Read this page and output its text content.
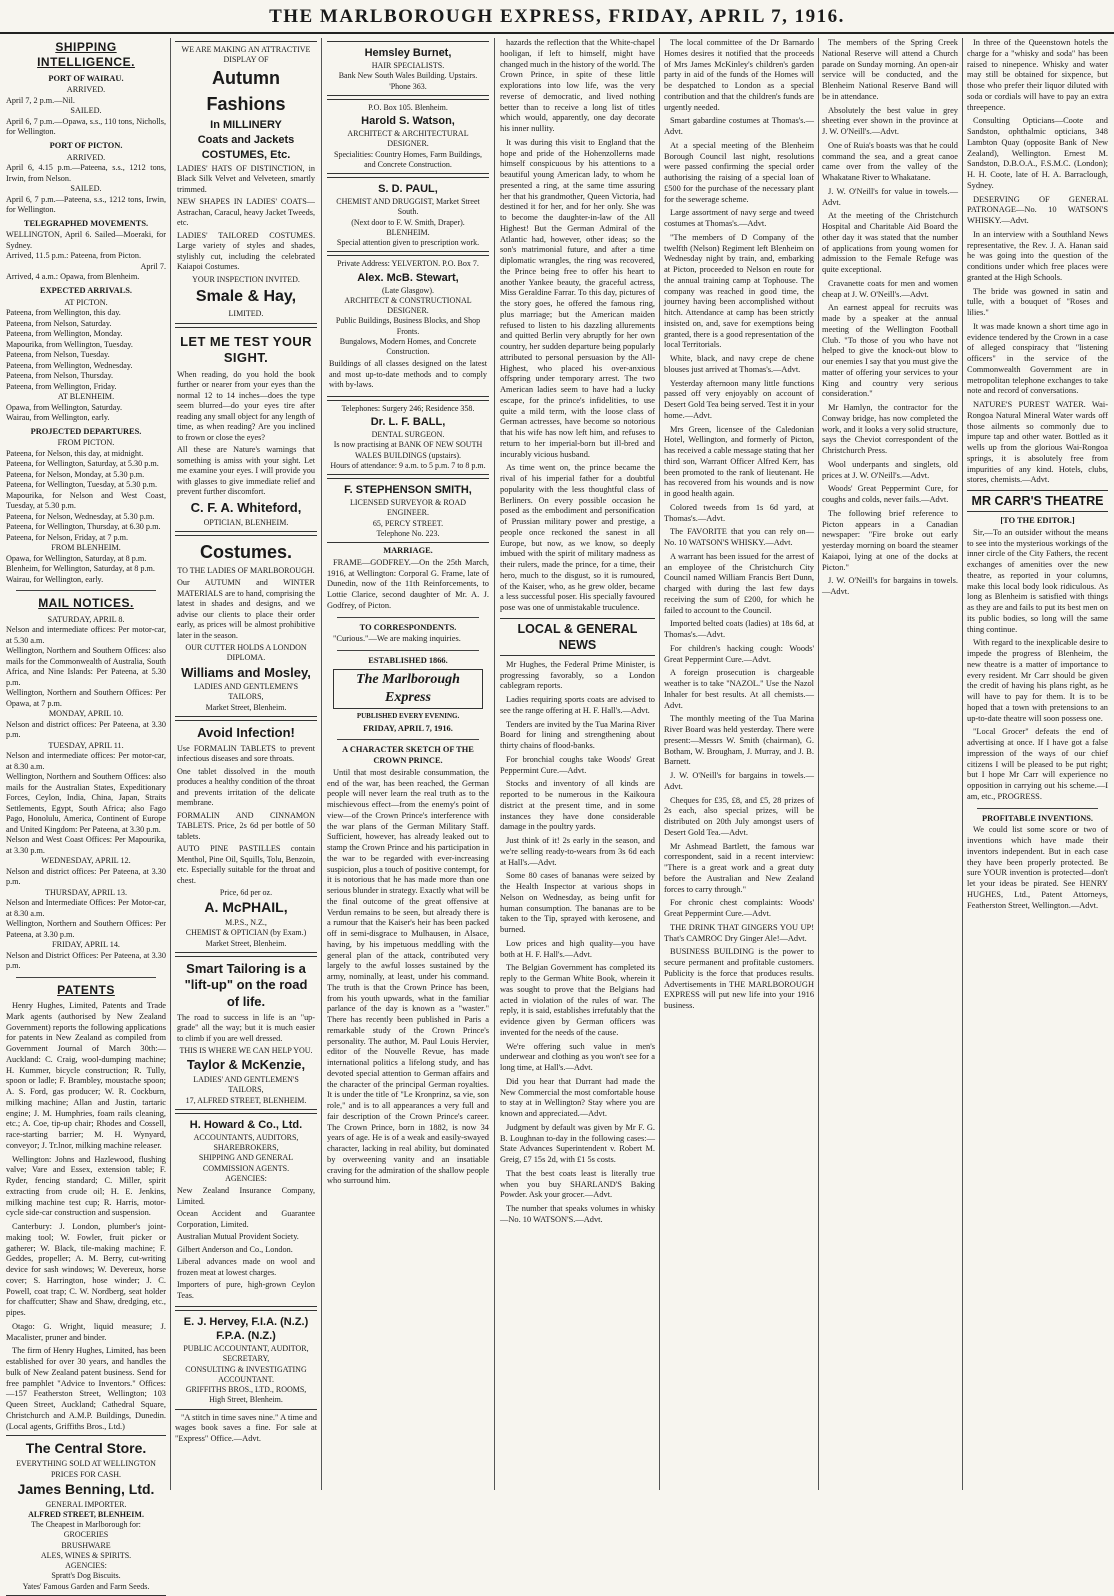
THE MARLBOROUGH EXPRESS, FRIDAY, APRIL 7, 1916.
SHIPPING INTELLIGENCE.
PORT OF WAIRAU.

ARRIVED.

April 7, 2 p.m.—Nil.

SAILED.

April 6, 7 p.m.—Opawa, s.s., 110 tons, Nicholls, for Wellington.

PORT OF PICTON.

ARRIVED.

April 6, 4.15 p.m.—Pateena, s.s., 1212 tons, Irwin, from Nelson.

SAILED.

April 6, 7 p.m.—Pateena, s.s., 1212 tons, Irwin, for Wellington.

TELEGRAPHED MOVEMENTS.

WELLINGTON, April 6. Sailed—Moeraki, for Sydney.

Arrived, 11.5 p.m.: Pateena, from Picton.

April 7.

Arrived, 4 a.m.: Opawa, from Blenheim.

EXPECTED ARRIVALS.

AT PICTON.

Pateena, from Wellington, this day.

Pateena, from Nelson, Saturday.

Pateena, from Wellington, Monday.

Mapourika, from Wellington, Tuesday.

Pateena, from Nelson, Tuesday.

Pateena, from Wellington, Wednesday.

Pateena, from Nelson, Thursday.

Pateena, from Wellington, Friday.

AT BLENHEIM.

Opawa, from Wellington, Saturday.

Wairau, from Wellington, early.

PROJECTED DEPARTURES.

FROM PICTON.

Pateena, for Nelson, this day, at midnight.

Pateena, for Wellington, Saturday, at 5.30 p.m.

Pateena, for Nelson, Monday, at 5.30 p.m.

Pateena, for Wellington, Tuesday, at 5.30 p.m.

Mapourika, for Nelson and West Coast, Tuesday, at 5.30 p.m.

Pateena, for Nelson, Wednesday, at 5.30 p.m.

Pateena, for Wellington, Thursday, at 6.30 p.m.

Pateena, for Nelson, Friday, at 7 p.m.

FROM BLENHEIM.

Opawa, for Wellington, Saturday, at 8 p.m.

Blenheim, for Wellington, Saturday, at 8 p.m.

Wairau, for Wellington, early.

MAIL NOTICES.

SATURDAY, APRIL 8.

Nelson and intermediate offices: Per motor-car, at 5.30 a.m.

Wellington, Northern and Southern Offices: also mails for the Commonwealth of Australia, South Africa, and Nine Islands: Per Pateena, at 5.30 p.m.

Wellington, Northern and Southern Offices: Per Opawa, at 7 p.m.

MONDAY, APRIL 10.

Nelson and district offices: Per Pateena, at 3.30 p.m.

TUESDAY, APRIL 11.

Nelson and intermediate offices: Per motor-car, at 8.30 a.m.

Wellington, Northern and Southern Offices: also mails for the Australian States, Expeditionary Forces, Ceylon, India, China, Japan, Straits Settlements, Egypt, South Africa; also Fago Pago, Honolulu, America, Continent of Europe and United Kingdom: Per Pateena, at 3.30 p.m.

Nelson and West Coast Offices: Per Mapourika, at 3.30 p.m.

WEDNESDAY, APRIL 12.

Nelson and district offices: Per Pateena, at 3.30 p.m.

THURSDAY, APRIL 13.

Nelson and Intermediate Offices: Per Motor-car, at 8.30 a.m.

Wellington, Northern and Southern Offices: Per Pateena, at 3.30 p.m.

FRIDAY, APRIL 14.

Nelson and District Offices: Per Pateena, at 3.30 p.m.

PATENTS

Henry Hughes, Limited, Patents and Trade Mark agents (authorised by New Zealand Government) reports the following applications for patents in New Zealand as compiled from Government Journal of March 30th:— Auckland: C. Craig, wool-dumping machine; H. Kummer, bicycle construction; R. Tully, spoon or ladle; F. Brambley, moustache spoon; A. S. Ford, gas producer; W. R. Cockburn, milking machine; Allan and Justin, tartaric engine; J. M. Humphries, foam rails cleaning, etc.; A. Coe, tip-up chair; Rhodes and Cossell, race-starting barrier; M. H. Wynyard, conveyor; J. Tr.lnor, milking machine releaser.

Wellington: Johns and Hazlewood, flushing valve; Vare and Essex, extension table; F. Ryder, fencing standard; C. Miller, spirit extracting from crude oil; H. E. Jenkins, milking machine test cup; R. Harris, motor-cycle side-car construction and suspension.

Canterbury: J. London, plumber's joint-making tool; W. Fowler, fruit picker or gatherer; W. Black, tile-making machine; F. Geddes, propeller; A. M. Berry, cut-writing device for sash windows; W. Devereux, horse cover; S. Harrington, hose winder; J. C. Powell, coat trap; C. W. Nordberg, seat holder for chaffcutter; Shaw and Shaw, dredging, etc., pipes.

Otago: G. Wright, liquid measure; J. Macalister, pruner and binder.

The firm of Henry Hughes, Limited, has been established for over 30 years, and handles the bulk of New Zealand patent business. Send for free pamphlet "Advice to Inventors." Offices:—157 Featherston Street, Wellington; 103 Queen Street, Auckland; Cathedral Square, Christchurch and A.M.P. Buildings, Dunedin. (Local agents, Griffiths Bros., Ltd.)

The Central Store.
EVERYTHING SOLD AT WELLINGTON PRICES FOR CASH.
James Benning, Ltd.
GENERAL IMPORTER.
ALFRED STREET, BLENHEIM.
The Cheapest in Marlborough for:
GROCERIES
BRUSHWARE
ALES, WINES & SPIRITS.
AGENCIES:
Spratt's Dog Biscuits.
Yates' Famous Garden and Farm Seeds.
WE ARE MAKING AN ATTRACTIVE DISPLAY OF
Autumn
Fashions
In MILLINERY
Coats and Jackets
COSTUMES, Etc.
LADIES' HATS OF DISTINCTION, in Black Silk Velvet and Velveteen, smartly trimmed.
NEW SHAPES IN LADIES' COATS—Astrachan, Caracul, heavy Jacket Tweeds, etc.
LADIES' TAILORED COSTUMES. Large variety of styles and shades, stylishly cut, including the celebrated Kaiapoi Costumes.
YOUR INSPECTION INVITED.
Smale & Hay,
LIMITED.
LET ME TEST YOUR SIGHT.
When reading, do you hold the book further or nearer from your eyes than the normal 12 to 14 inches—does the type seem blurred—do your eyes tire after reading any small object for any length of time, as when reading? Are you inclined to frown or close the eyes?
All these are Nature's warnings that something is amiss with your sight. Let me examine your eyes. I will provide you with glasses to give immediate relief and prevent further discomfort.
C. F. A. Whiteford,
OPTICIAN, BLENHEIM.
Costumes.
TO THE LADIES OF MARLBOROUGH.
Our AUTUMN and WINTER MATERIALS are to hand, comprising the latest in shades and designs, and we advise our clients to place their order early, as prices will be almost prohibitive later in the season.
OUR CUTTER HOLDS A LONDON DIPLOMA.
Williams and Mosley,
LADIES AND GENTLEMEN'S TAILORS,
Market Street, Blenheim.
Avoid Infection!
Use FORMALIN TABLETS to prevent infectious diseases and sore throats.
One tablet dissolved in the mouth produces a healthy condition of the throat and prevents irritation of the delicate membrane.
FORMALIN AND CINNAMON TABLETS. Price, 2s 6d per bottle of 50 tablets.
AUTO PINE PASTILLES contain Menthol, Pine Oil, Squills, Tolu, Benzoin, etc. Especially suitable for the throat and chest.
Price, 6d per oz.
A. McPHAIL,
M.P.S., N.Z.,
CHEMIST & OPTICIAN (by Exam.)
Market Street, Blenheim.
Smart Tailoring is a "lift-up" on the road of life.
The road to success in life is an "up-grade" all the way; but it is much easier to climb if you are well dressed.
THIS IS WHERE WE CAN HELP YOU.
Taylor & McKenzie,
LADIES' AND GENTLEMEN'S TAILORS,
17, ALFRED STREET, BLENHEIM.
H. Howard & Co., Ltd.
ACCOUNTANTS, AUDITORS, SHAREBROKERS,
SHIPPING AND GENERAL COMMISSION AGENTS.
AGENCIES:
New Zealand Insurance Company, Limited.
Ocean Accident and Guarantee Corporation, Limited.
Australian Mutual Provident Society.
Gilbert Anderson and Co., London.
Liberal advances made on wool and frozen meat at lowest charges.
Importers of pure, high-grown Ceylon Teas.
E. J. Hervey, F.I.A. (N.Z.) F.P.A. (N.Z.)
PUBLIC ACCOUNTANT, AUDITOR, SECRETARY,
CONSULTING & INVESTIGATING ACCOUNTANT.
GRIFFITHS BROS., LTD., ROOMS, High Street, Blenheim.

"A stitch in time saves nine." A time and wages book saves a fine. For sale at "Express" Office.—Advt.

Hemsley Burnet,
HAIR SPECIALISTS.
Bank New South Wales Building. Upstairs.
'Phone 363.
P.O. Box 105. Blenheim.
Harold S. Watson,
ARCHITECT & ARCHITECTURAL DESIGNER.
Specialities: Country Homes, Farm Buildings, and Concrete Construction.
S. D. PAUL,
CHEMIST AND DRUGGIST, Market Street South.
(Next door to F. W. Smith, Draper). BLENHEIM.
Special attention given to prescription work.
Private Address: YELVERTON. P.O. Box 7.
Alex. McB. Stewart,
(Late Glasgow).
ARCHITECT & CONSTRUCTIONAL DESIGNER.
Public Buildings, Business Blocks, and Shop Fronts.
Bungalows, Modern Homes, and Concrete Construction.
Buildings of all classes designed on the latest and most up-to-date methods and to comply with by-laws.
Telephones: Surgery 246; Residence 358.
Dr. L. F. BALL,
DENTAL SURGEON.
Is now practising at BANK OF NEW SOUTH WALES BUILDINGS (upstairs).
Hours of attendance: 9 a.m. to 5 p.m. 7 to 8 p.m.
F. STEPHENSON SMITH,
LICENSED SURVEYOR & ROAD ENGINEER.
65, PERCY STREET.
Telephone No. 223.
MARRIAGE.

FRAME—GODFREY.—On the 25th March, 1916, at Wellington: Corporal G. Frame, late of Dunedin, now of the 11th Reinforcements, to Lottie Clarice, second daughter of Mr. A. J. Godfrey, of Picton.

TO CORRESPONDENTS.

"Curious."—We are making inquiries.

ESTABLISHED 1866.
The Marlborough Express
PUBLISHED EVERY EVENING.
FRIDAY, APRIL 7, 1916.
A CHARACTER SKETCH OF THE CROWN PRINCE.

Until that most desirable consummation, the end of the war, has been reached, the German people will never learn the real truth as to the mischievous effect—from the enemy's point of view—of the Crown Prince's interference with the war plans of the German Military Staff. Sufficient, however, has already leaked out to stamp the Crown Prince and his participation in the war to be regarded with ever-increasing suspicion, plus a touch of positive contempt, for it is notorious that he has made more than one serious blunder in strategy. Exactly what will be the final outcome of the great offensive at Verdun remains to be seen, but already there is a rumour that the Kaiser's heir has been packed off in semi-disgrace to Mulhausen, in Alsace, having, by his impetuous meddling with the general plan of the attack, contributed very largely to the awful losses sustained by the army, nominally, at least, under his command. The truth is that the Crown Prince has been, from his youth upwards, what in the familiar parlance of the day is known as a "waster." There has recently been published in Paris a remarkable study of the Crown Prince's personality. The author, M. Paul Louis Hervier, editor of the Nouvelle Revue, has made international politics a lifelong study, and has devoted special attention to German affairs and the character of the principal German royalties. It is under the title of "Le Kronprinz, sa vie, son role," and is to all appearances a very full and fair description of the Crown Prince's career. The Crown Prince, born in 1882, is now 34 years of age. He is of a weak and easily-swayed character, lacking in real ability, but dominated by overweening vanity and an insatiable craving for the admiration of the shallow people who surround him.

hazards the reflection that the White-chapel hooligan, if left to himself, might have changed much in the history of the world. The Crown Prince, in spite of these little explorations into low life, was the very reverse of democratic, and lived nothing better than to receive a long list of titles which would, apparently, one day decorate his inner nullity.

It was during this visit to England that the hope and pride of the Hohenzollerns made himself conspicuous by his attentions to a beautiful young American lady, to whom he presented a ring, at the same time assuring her that his grandmother, Queen Victoria, had destined it for her, and for her only. She was to become the daughter-in-law of the All Highest! But the German Admiral of the Atlantic had, however, other ideas; so the son's matrimonial future, and after a time diplomatic wrangles, the ring was recovered, the Prince being free to offer his heart to another Yankee beauty, the graceful actress, Miss Geraldine Farrar. To this day, pictures of the story goes, he offered the famous ring, plus marriage; but the American maiden refused to listen to his dazzling allurements and quitted Berlin very abruptly for her own country, her sudden departure being popularly attributed to personal persuasion by the All-Highest, who placed his over-anxious offspring under temporary arrest. The two American ladies seem to have had a lucky escape, for the prince's infidelities, to use quite a mild term, with the loose class of German actresses, have become so notorious that his wife has now left him, and refuses to return to her imperial-born but ill-bred and incurably vicious husband.

As time went on, the prince became the rival of his imperial father for a doubtful popularity with the less thoughtful class of Berliners. On every possible occasion he posed as the embodiment and personification of Prussian military power and prestige, a people once reckoned the sanest in all Europe, but now, as we know, so deeply imbued with the spirit of military madness as their rulers, made the prince, for a time, their hero, much to the disgust, so it is rumoured, of the Kaiser, who, as he grew older, became a less successful poser. His specially favoured pose was one of unmistakable truculence.

LOCAL & GENERAL NEWS

Mr Hughes, the Federal Prime Minister, is progressing favorably, so a London cablegram reports.

Ladies requiring sports coats are advised to see the range offering at H. F. Hall's.—Advt.

Tenders are invited by the Tua Marina River Board for lining and strengthening about thirty chains of flood-banks.

For bronchial coughs take Woods' Great Peppermint Cure.—Advt.

Stocks and inventory of all kinds are reported to be numerous in the Kaikoura district at the present time, and in some instances they have done considerable damage in the poultry yards.

Just think of it! 2s early in the season, and we're selling ready-to-wears from 3s 6d each at Hall's.—Advt.

Some 80 cases of bananas were seized by the Health Inspector at various shops in Nelson on Wednesday, as being unfit for human consumption. The bananas are to be taken to the Tip, sprayed with kerosene, and burned.

Low prices and high quality—you have both at H. F. Hall's.—Advt.

The Belgian Government has completed its reply to the German White Book, wherein it was sought to prove that the Belgians had acted in violation of the rules of war. The reply, it is said, establishes irrefutably that the evidence given by German officers was invented for the needs of the cause.

We're offering such value in men's underwear and clothing as you won't see for a long time, at Hall's.—Advt.

Did you hear that Durrant had made the New Commercial the most comfortable house to stay at in Wellington? Stay where you are known and appreciated.—Advt.

Judgment by default was given by Mr F. G. B. Loughnan to-day in the following cases:—State Advances Superintendent v. Robert M. Greig, £7 15s 2d, with £1 5s costs.

That the best coats least is literally true when you buy SHARLAND'S Baking Powder. Ask your grocer.—Advt.

The number that speaks volumes in whisky—No. 10 WATSON'S.—Advt.

The local committee of the Dr Barnardo Homes desires it notified that the proceeds of Mrs James McKinley's children's garden party in aid of the funds of the Homes will be despatched to London as a special contribution and that the children's funds are urgently needed.

Smart gabardine costumes at Thomas's.—Advt.

At a special meeting of the Blenheim Borough Council last night, resolutions were passed confirming the special order authorising the raising of a special loan of £500 for the purchase of the necessary plant for the sewerage scheme.

Large assortment of navy serge and tweed costumes at Thomas's.—Advt.

"The members of D Company of the twelfth (Nelson) Regiment left Blenheim on Wednesday night by train, and, embarking at Picton, proceeded to Nelson en route for the annual training camp at Tophouse. The company was reached in good time, the journey having been accomplished without hitch. Attendance at camp has been strictly insisted on, and, save for exemptions being granted, there is a good representation of the local Territorials.

White, black, and navy crepe de chene blouses just arrived at Thomas's.—Advt.

Yesterday afternoon many little functions passed off very enjoyably on account of Desert Gold Tea being served. Test it in your home.—Advt.

Mrs Green, licensee of the Caledonian Hotel, Wellington, and formerly of Picton, has received a cable message stating that her third son, Warrant Officer Alfred Kerr, has been promoted to the rank of lieutenant. He has recovered from his wounds and is now in good health again.

Colored tweeds from 1s 6d yard, at Thomas's.—Advt.

The FAVORITE that you can rely on—No. 10 WATSON'S WHISKY.—Advt.

A warrant has been issued for the arrest of an employee of the Christchurch City Council named William Francis Bert Dunn, charged with during the last few days receiving the sum of £200, for which he failed to account to the Council.

Imported belted coats (ladies) at 18s 6d, at Thomas's.—Advt.

For children's hacking cough: Woods' Great Peppermint Cure.—Advt.

A foreign prosecution is chargeable weather is to take "NAZOL." Use the Nazol Inhaler for best results. At all chemists.—Advt.

The monthly meeting of the Tua Marina River Board was held yesterday. There were present:—Messrs W. Smith (chairman), G. Botham, W. Brougham, J. Murray, and J. B. Barnett.

J. W. O'Neill's for bargains in towels.—Advt.

Cheques for £35, £8, and £5, 28 prizes of 2s each, also special prizes, will be distributed on 20th July amongst users of Desert Gold Tea.—Advt.

Mr Ashmead Bartlett, the famous war correspondent, said in a recent interview: "There is a great work and a great duty before the Australian and New Zealand forces to carry through."

For chronic chest complaints: Woods' Great Peppermint Cure.—Advt.

THE DRINK THAT GINGERS YOU UP! That's CAMROC Dry Ginger Ale!—Advt.

BUSINESS BUILDING is the power to secure permanent and profitable customers. Publicity is the force that produces results. Advertisements in THE MARLBOROUGH EXPRESS will put new life into your 1916 business.

The members of the Spring Creek National Reserve will attend a Church parade on Sunday morning. An open-air service will be conducted, and the Blenheim National Reserve Band will be in attendance.

Absolutely the best value in grey sheeting ever shown in the province at J. W. O'Neill's.—Advt.

One of Ruia's boasts was that he could command the sea, and a great canoe came over from the valley of the Whakatane River to Whakatane.

J. W. O'Neill's for value in towels.—Advt.

At the meeting of the Christchurch Hospital and Charitable Aid Board the other day it was stated that the number of applications from young women for admission to the Female Refuge was quite exceptional.

Cravanette coats for men and women cheap at J. W. O'Neill's.—Advt.

An earnest appeal for recruits was made by a speaker at the annual meeting of the Wellington Football Club. "To those of you who have not helped to give the knock-out blow to our enemies I say that you must give the matter of offering your services to your King and country very serious consideration."

Mr Hamlyn, the contractor for the Conway bridge, has now completed the work, and it looks a very solid structure, says the Cheviot correspondent of the Christchurch Press.

Wool underpants and singlets, old prices at J. W. O'Neill's.—Advt.

Woods' Great Peppermint Cure, for coughs and colds, never fails.—Advt.

The following brief reference to Picton appears in a Canadian newspaper: "Fire broke out early yesterday morning on board the steamer Kaiapoi, lying at one of the docks at Picton."

J. W. O'Neill's for bargains in towels.—Advt.

In three of the Queenstown hotels the charge for a "whisky and soda" has been raised to ninepence. Whisky and water may still be obtained for sixpence, but those who prefer their liquor diluted with soda or cordials will have to pay an extra threepence.

Consulting Opticians—Coote and Sandston, ophthalmic opticians, 348 Lambton Quay (opposite Bank of New Zealand), Wellington. Ernest M. Sandston, D.B.O.A., F.S.M.C. (London); H. H. Coote, late of H. A. Barraclough, Sydney.

DESERVING OF GENERAL PATRONAGE—No. 10 WATSON'S WHISKY.—Advt.

In an interview with a Southland News representative, the Rev. J. A. Hanan said he was going into the question of the conditions under which free places were granted at the High Schools.

The bride was gowned in satin and tulle, with a bouquet of "Roses and lilies."

It was made known a short time ago in evidence tendered by the Crown in a case of alleged conspiracy that "listening officers" in the service of the Commonwealth Government are in metropolitan telephone exchanges to take note and record of conversations.

NATURE'S PUREST WATER. Wai-Rongoa Natural Mineral Water wards off those ailments so commonly due to impure tap and other water. Bottled as it wells up from the glorious Wai-Rongoa springs, it is absolutely free from impurities of any kind. Hotels, clubs, stores, chemists.—Advt.

MR CARR'S THEATRE
[TO THE EDITOR.]

Sir,—To an outsider without the means to see into the mysterious workings of the inner circle of the City Fathers, the recent exchanges of amenities over the new theatre, as reported in your columns, make this local body look ridiculous. As long as Blenheim is satisfied with things as they are and fails to put its best men on its public bodies, so long will the same thing continue.

With regard to the inexplicable desire to impede the progress of Blenheim, the new theatre is a matter of importance to every resident. Mr Carr should be given the credit of having his plans right, as he will have to pay for them. It is to be hoped that a town with pretensions to an up-to-date theatre will soon possess one.

"Local Grocer" defeats the end of advertising at once. If I have got a false impression of the ways of our chief citizens I will be pleased to be put right; but I hope Mr Carr will experience no opposition in carrying out his scheme.—I am, etc., PROGRESS.

PROFITABLE INVENTIONS.

We could list some score or two of inventions which have made their inventors independent. But in each case they have been properly protected. Be sure YOUR invention is protected—don't let your ideas be pirated. See HENRY HUGHES, Ltd., Patent Attorneys, Featherston Street, Wellington.—Advt.
